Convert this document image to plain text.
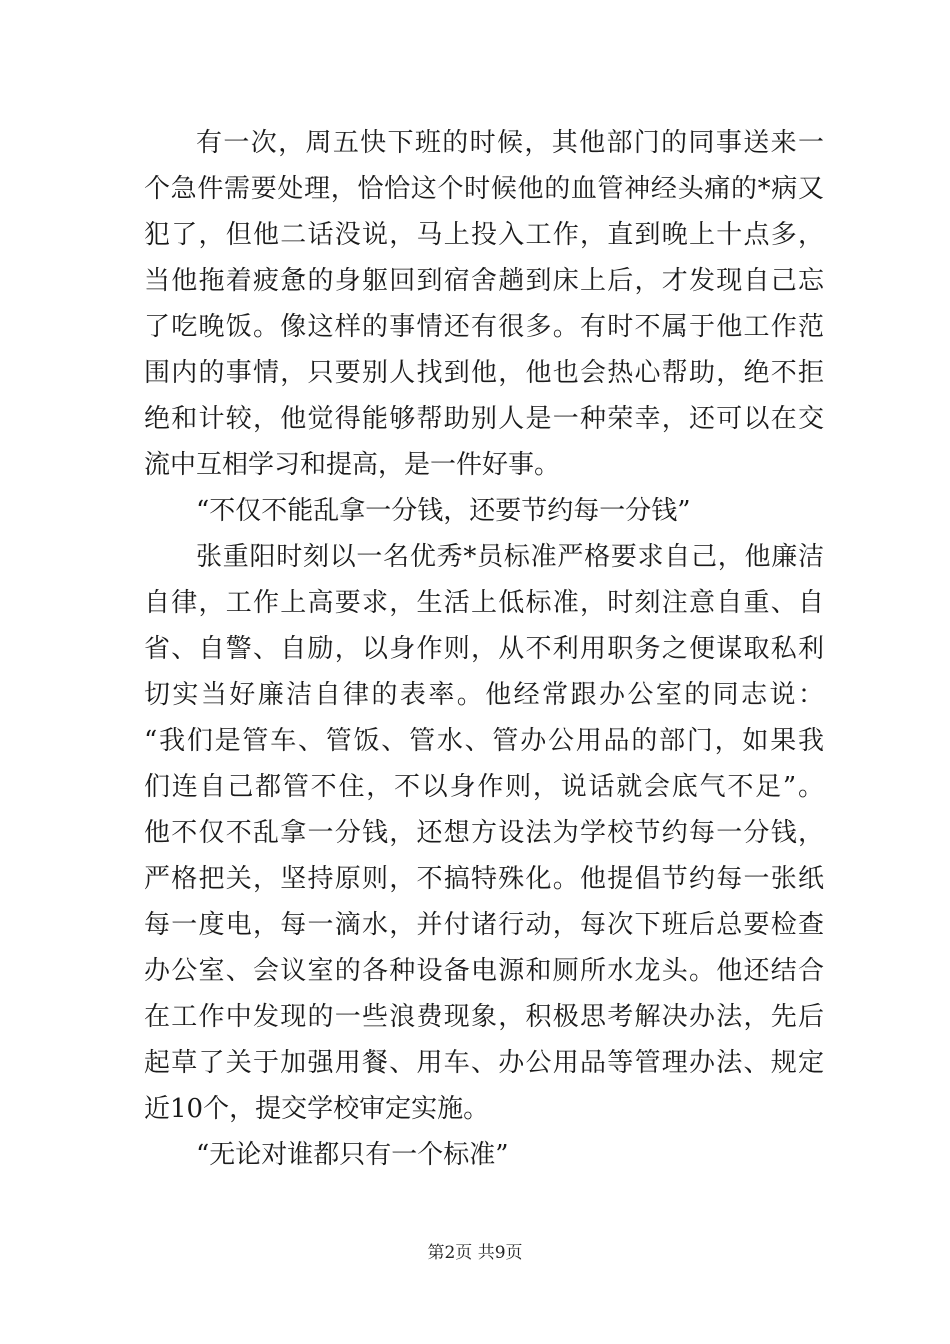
有一次，周五快下班的时候，其他部门的同事送来一
个急件需要处理，恰恰这个时候他的血管神经头痛的*病又
犯了，但他二话没说，马上投入工作，直到晚上十点多，
当他拖着疲惫的身躯回到宿舍趟到床上后，才发现自己忘
了吃晚饭。像这样的事情还有很多。有时不属于他工作范
围内的事情，只要别人找到他，他也会热心帮助，绝不拒
绝和计较，他觉得能够帮助别人是一种荣幸，还可以在交
流中互相学习和提高，是一件好事。
“不仅不能乱拿一分钱，还要节约每一分钱”
张重阳时刻以一名优秀*员标准严格要求自己，他廉洁
自律，工作上高要求，生活上低标准，时刻注意自重、自
省、自警、自励，以身作则，从不利用职务之便谋取私利
切实当好廉洁自律的表率。他经常跟办公室的同志说：
“我们是管车、管饭、管水、管办公用品的部门，如果我
们连自己都管不住，不以身作则，说话就会底气不足”。
他不仅不乱拿一分钱，还想方设法为学校节约每一分钱，
严格把关，坚持原则，不搞特殊化。他提倡节约每一张纸
每一度电，每一滴水，并付诸行动，每次下班后总要检查
办公室、会议室的各种设备电源和厕所水龙头。他还结合
在工作中发现的一些浪费现象，积极思考解决办法，先后
起草了关于加强用餐、用车、办公用品等管理办法、规定
近10个，提交学校审定实施。
“无论对谁都只有一个标准”
第2页 共9页
